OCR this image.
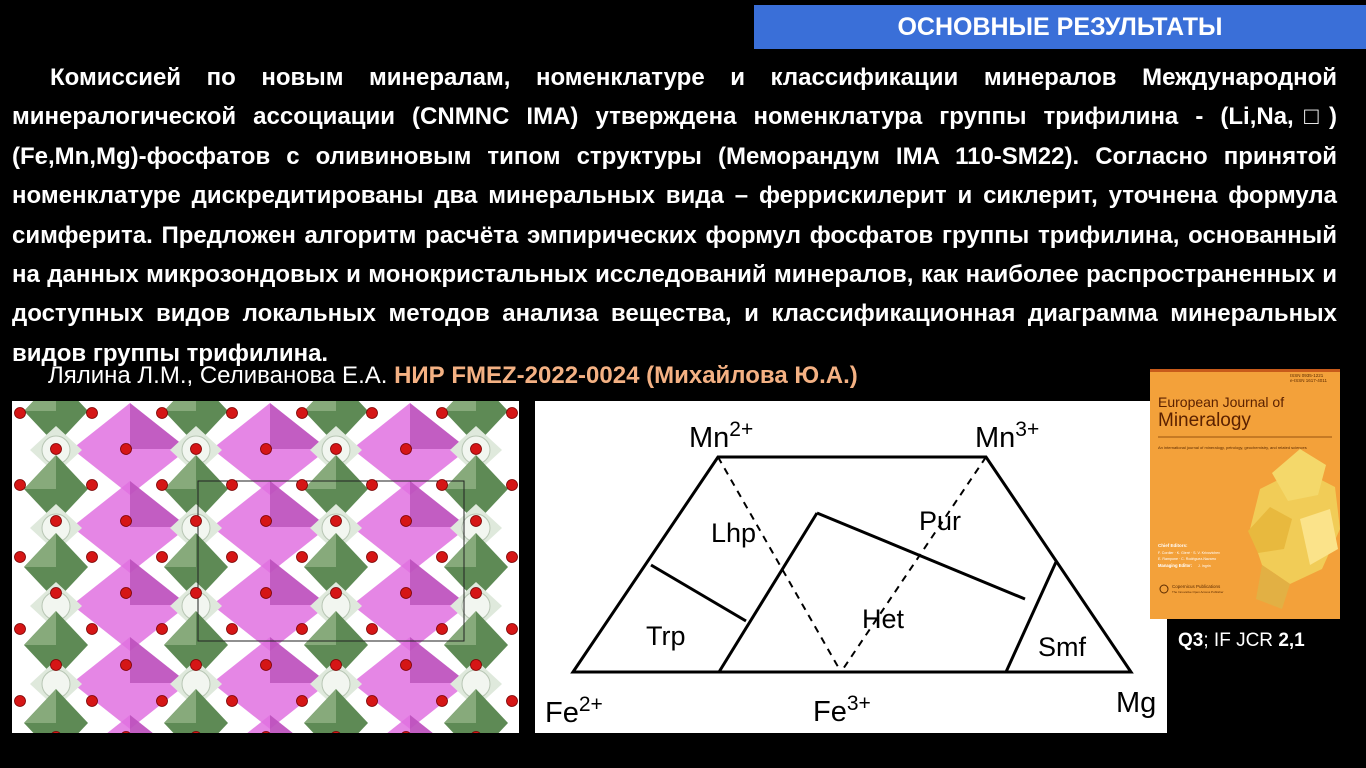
ОСНОВНЫЕ РЕЗУЛЬТАТЫ

Комиссией по новым минералам, номенклатуре и классификации минералов Международной минералогической ассоциации (CNMNC IMA) утверждена номенклатура группы трифилина - (Li,Na,□)(Fe,Mn,Mg)-фосфатов с оливиновым типом структуры (Меморандум IMA 110-SM22). Согласно принятой номенклатуре дискредитированы два минеральных вида – феррискилерит и сиклерит, уточнена формула симферита. Предложен алгоритм расчёта эмпирических формул фосфатов группы трифилина, основанный на данных микрозондовых и монокристальных исследований минералов, как наиболее распространенных и доступных видов локальных методов анализа вещества, и классификационная диаграмма минеральных видов группы трифилина.

Лялина Л.М., Селиванова Е.А. НИР FMEZ-2022-0024 (Михайлова Ю.А.)
$Mn^{2+}$	$Mn^{3+}$
$Fe^{2+}$	$Fe^{3+}$	Mg
Lhp	Pur
Trp
Het
Smf
ISSN 0935-1221
e-ISSN 1617-4011
European Journal of
Mineralogy
An international journal of mineralogy, petrology, geochemistry, and related sciences
Chief Editors:
F. Cordier · K. Gieré · S. V. Krivovichev
E. Rampone · C. Rodriguez-Navarro
Managing Editor: J. Ingrin
Copernicus Publications
The Innovative Open Access Publisher
Q3; IF JCR 2,1
